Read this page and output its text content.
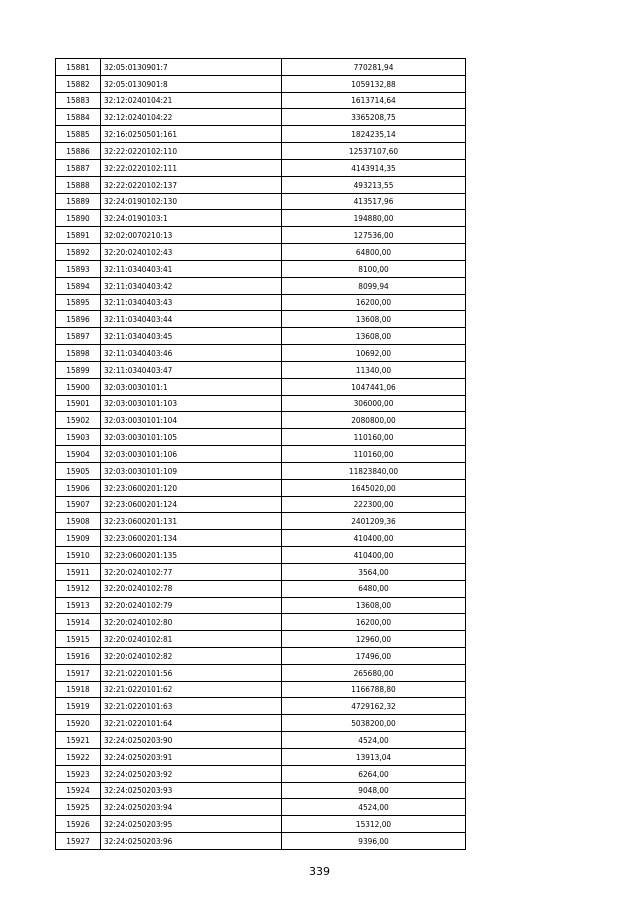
15881	32:05:0130901:7	770281,94
15882	32:05:0130901:8	1059132,88
15883	32:12:0240104:21	1613714,64
15884	32:12:0240104:22	3365208,75
15885	32:16:0250501:161	1824235,14
15886	32:22:0220102:110	12537107,60
15887	32:22:0220102:111	4143914,35
15888	32:22:0220102:137	493213,55
15889	32:24:0190102:130	413517,96
15890	32:24:0190103:1	194880,00
15891	32:02:0070210:13	127536,00
15892	32:20:0240102:43	64800,00
15893	32:11:0340403:41	8100,00
15894	32:11:0340403:42	8099,94
15895	32:11:0340403:43	16200,00
15896	32:11:0340403:44	13608,00
15897	32:11:0340403:45	13608,00
15898	32:11:0340403:46	10692,00
15899	32:11:0340403:47	11340,00
15900	32:03:0030101:1	1047441,06
15901	32:03:0030101:103	306000,00
15902	32:03:0030101:104	2080800,00
15903	32:03:0030101:105	110160,00
15904	32:03:0030101:106	110160,00
15905	32:03:0030101:109	11823840,00
15906	32:23:0600201:120	1645020,00
15907	32:23:0600201:124	222300,00
15908	32:23:0600201:131	2401209,36
15909	32:23:0600201:134	410400,00
15910	32:23:0600201:135	410400,00
15911	32:20:0240102:77	3564,00
15912	32:20:0240102:78	6480,00
15913	32:20:0240102:79	13608,00
15914	32:20:0240102:80	16200,00
15915	32:20:0240102:81	12960,00
15916	32:20:0240102:82	17496,00
15917	32:21:0220101:56	265680,00
15918	32:21:0220101:62	1166788,80
15919	32:21:0220101:63	4729162,32
15920	32:21:0220101:64	5038200,00
15921	32:24:0250203:90	4524,00
15922	32:24:0250203:91	13913,04
15923	32:24:0250203:92	6264,00
15924	32:24:0250203:93	9048,00
15925	32:24:0250203:94	4524,00
15926	32:24:0250203:95	15312,00
15927	32:24:0250203:96	9396,00
339
